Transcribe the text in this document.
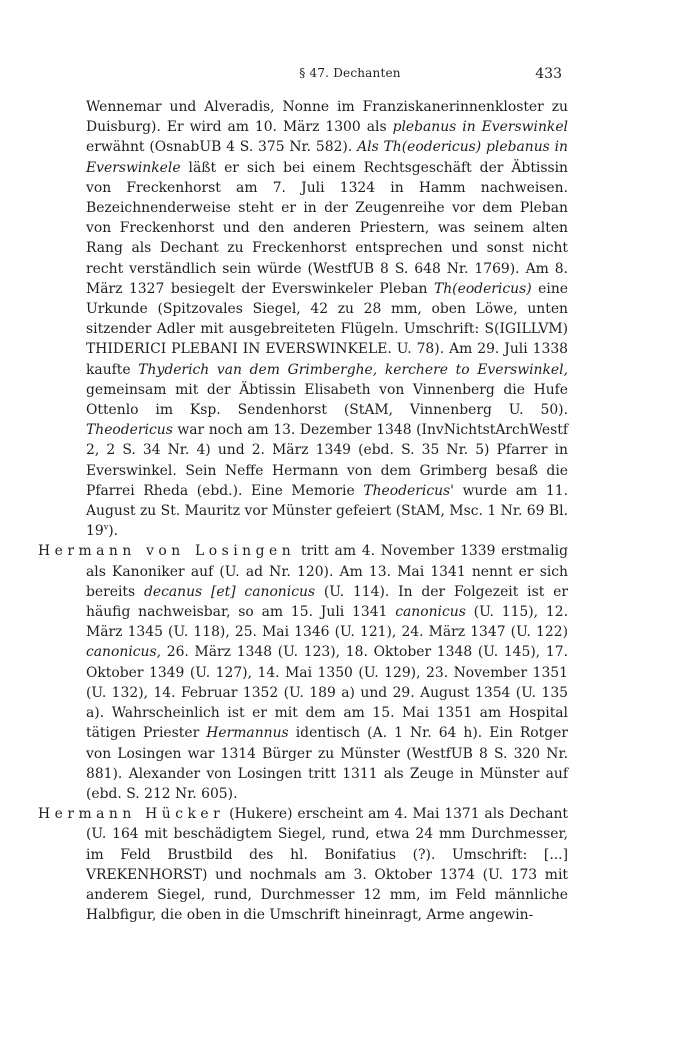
§ 47. Dechanten	433

Wennemar und Alveradis, Nonne im Franziskanerinnenkloster zu Duisburg). Er wird am 10. März 1300 als plebanus in Everswinkel erwähnt (OsnabUB 4 S. 375 Nr. 582). Als Th(eodericus) plebanus in Everswinkele läßt er sich bei einem Rechtsgeschäft der Äbtissin von Freckenhorst am 7. Juli 1324 in Hamm nachweisen. Bezeichnenderweise steht er in der Zeugenreihe vor dem Pleban von Freckenhorst und den anderen Priestern, was seinem alten Rang als Dechant zu Freckenhorst entsprechen und sonst nicht recht verständlich sein würde (WestfUB 8 S. 648 Nr. 1769). Am 8. März 1327 besiegelt der Everswinkeler Pleban Th(eodericus) eine Urkunde (Spitzovales Siegel, 42 zu 28 mm, oben Löwe, unten sitzender Adler mit ausgebreiteten Flügeln. Umschrift: S(IGILLVM) THIDERICI PLEBANI IN EVERSWINKELE. U. 78). Am 29. Juli 1338 kaufte Thyderich van dem Grimberghe, kerchere to Everswinkel, gemeinsam mit der Äbtissin Elisabeth von Vinnenberg die Hufe Ottenlo im Ksp. Sendenhorst (StAM, Vinnenberg U. 50). Theodericus war noch am 13. Dezember 1348 (InvNichtstArchWestf 2, 2 S. 34 Nr. 4) und 2. März 1349 (ebd. S. 35 Nr. 5) Pfarrer in Everswinkel. Sein Neffe Hermann von dem Grimberg besaß die Pfarrei Rheda (ebd.). Eine Memorie Theodericus' wurde am 11. August zu St. Mauritz vor Münster gefeiert (StAM, Msc. 1 Nr. 69 Bl. 19$^v$).

Hermann von Losingen tritt am 4. November 1339 erstmalig als Kanoniker auf (U. ad Nr. 120). Am 13. Mai 1341 nennt er sich bereits decanus [et] canonicus (U. 114). In der Folgezeit ist er häufig nachweisbar, so am 15. Juli 1341 canonicus (U. 115), 12. März 1345 (U. 118), 25. Mai 1346 (U. 121), 24. März 1347 (U. 122) canonicus, 26. März 1348 (U. 123), 18. Oktober 1348 (U. 145), 17. Oktober 1349 (U. 127), 14. Mai 1350 (U. 129), 23. November 1351 (U. 132), 14. Februar 1352 (U. 189 a) und 29. August 1354 (U. 135 a). Wahrscheinlich ist er mit dem am 15. Mai 1351 am Hospital tätigen Priester Hermannus identisch (A. 1 Nr. 64 h). Ein Rotger von Losingen war 1314 Bürger zu Münster (WestfUB 8 S. 320 Nr. 881). Alexander von Losingen tritt 1311 als Zeuge in Münster auf (ebd. S. 212 Nr. 605).

Hermann Hücker (Hukere) erscheint am 4. Mai 1371 als Dechant (U. 164 mit beschädigtem Siegel, rund, etwa 24 mm Durchmesser, im Feld Brustbild des hl. Bonifatius (?). Umschrift: [...] VREKENHORST) und nochmals am 3. Oktober 1374 (U. 173 mit anderem Siegel, rund, Durchmesser 12 mm, im Feld männliche Halbfigur, die oben in die Umschrift hineinragt, Arme angewin-
